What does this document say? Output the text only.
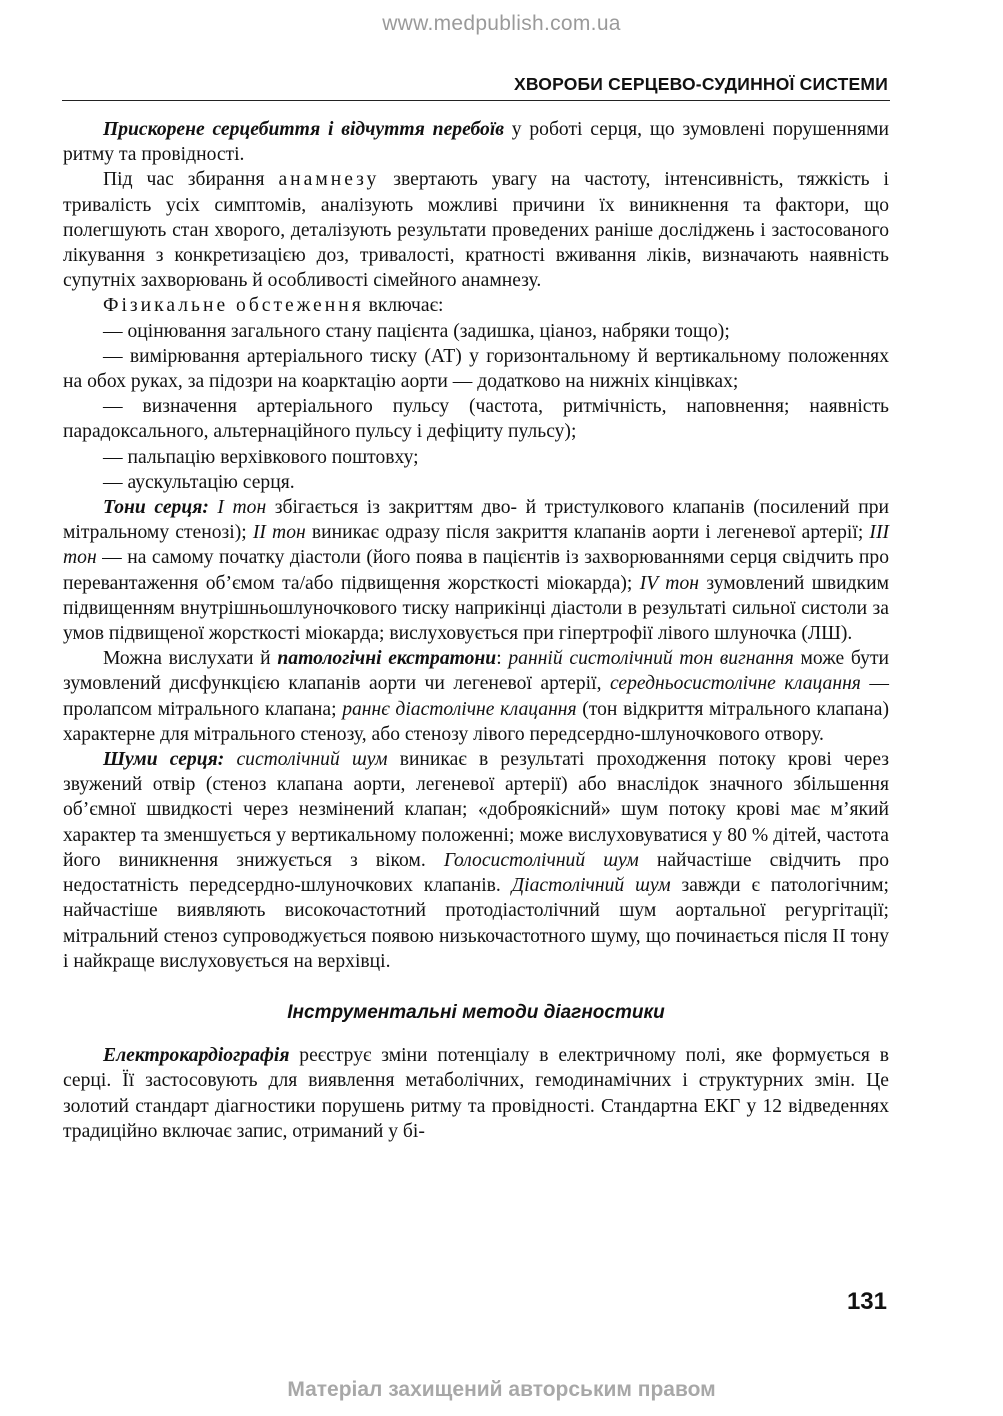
www.medpublish.com.ua
ХВОРОБИ СЕРЦЕВО-СУДИННОЇ СИСТЕМИ

Прискорене серцебиття і відчуття перебоїв у роботі серця, що зумовлені порушеннями ритму та провідності.

Під час збирання анамнезу звертають увагу на частоту, інтенсивність, тяжкість і тривалість усіх симптомів, аналізують можливі причини їх виникнення та фактори, що полегшують стан хворого, деталізують результати проведених раніше досліджень і застосованого лікування з конкретизацією доз, тривалості, кратності вживання ліків, визначають наявність супутніх захворювань й особливості сімейного анамнезу.

Фізикальне обстеження включає:

— оцінювання загального стану пацієнта (задишка, ціаноз, набряки тощо);

— вимірювання артеріального тиску (АТ) у горизонтальному й вертикальному положеннях на обох руках, за підозри на коарктацію аорти — додатково на нижніх кінцівках;

— визначення артеріального пульсу (частота, ритмічність, наповнення; наявність парадоксального, альтернаційного пульсу і дефіциту пульсу);

— пальпацію верхівкового поштовху;

— аускультацію серця.

Тони серця: I тон збігається із закриттям дво- й тристулкового клапанів (посилений при мітральному стенозі); II тон виникає одразу після закриття клапанів аорти і легеневої артерії; III тон — на самому початку діастоли (його поява в пацієнтів із захворюваннями серця свідчить про перевантаження об’ємом та/або підвищення жорсткості міокарда); IV тон зумовлений швидким підвищенням внутрішньошлуночкового тиску наприкінці діастоли в результаті сильної систоли за умов підвищеної жорсткості міокарда; вислуховується при гіпертрофії лівого шлуночка (ЛШ).

Можна вислухати й патологічні екстратони: ранній систолічний тон вигнання може бути зумовлений дисфункцією клапанів аорти чи легеневої артерії, середньосистолічне клацання — пролапсом мітрального клапана; раннє діастолічне клацання (тон відкриття мітрального клапана) характерне для мітрального стенозу, або стенозу лівого передсердно-шлуночкового отвору.

Шуми серця: систолічний шум виникає в результаті проходження потоку крові через звужений отвір (стеноз клапана аорти, легеневої артерії) або внаслідок значного збільшення об’ємної швидкості через незмінений клапан; «доброякісний» шум потоку крові має м’який характер та зменшується у вертикальному положенні; може вислуховуватися у 80 % дітей, частота його виникнення знижується з віком. Голосистолічний шум найчастіше свідчить про недостатність передсердно-шлуночкових клапанів. Діастолічний шум завжди є патологічним; найчастіше виявляють високочастотний протодіастолічний шум аортальної регургітації; мітральний стеноз супроводжується появою низькочастотного шуму, що починається після II тону і найкраще вислуховується на верхівці.

Інструментальні методи діагностики

Електрокардіографія реєструє зміни потенціалу в електричному полі, яке формується в серці. Її застосовують для виявлення метаболічних, гемодинамічних і структурних змін. Це золотий стандарт діагностики порушень ритму та провідності. Стандартна ЕКГ у 12 відведеннях традиційно включає запис, отриманий у бі-

131
Матеріал захищений авторським правом
